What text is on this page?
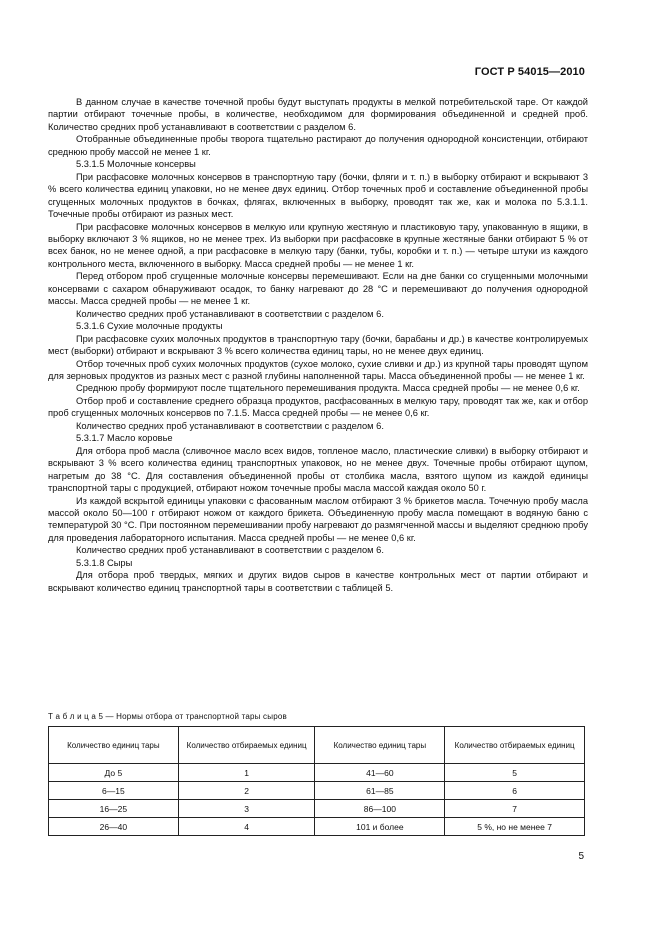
ГОСТ Р 54015—2010

В данном случае в качестве точечной пробы будут выступать продукты в мелкой потребительской таре. От каждой партии отбирают точечные пробы, в количестве, необходимом для формирования объединенной и средней проб. Количество средних проб устанавливают в соответствии с разделом 6.

Отобранные объединенные пробы творога тщательно растирают до получения однородной консистенции, отбирают среднюю пробу массой не менее 1 кг.

5.3.1.5 Молочные консервы

При расфасовке молочных консервов в транспортную тару (бочки, фляги и т. п.) в выборку отбирают и вскрывают 3 % всего количества единиц упаковки, но не менее двух единиц. Отбор точечных проб и составление объединенной пробы сгущенных молочных продуктов в бочках, флягах, включенных в выборку, проводят так же, как и молока по 5.3.1.1. Точечные пробы отбирают из разных мест.

При расфасовке молочных консервов в мелкую или крупную жестяную и пластиковую тару, упакованную в ящики, в выборку включают 3 % ящиков, но не менее трех. Из выборки при расфасовке в крупные жестяные банки отбирают 5 % от всех банок, но не менее одной, а при расфасовке в мелкую тару (банки, тубы, коробки и т. п.) — четыре штуки из каждого контрольного места, включенного в выборку. Масса средней пробы — не менее 1 кг.

Перед отбором проб сгущенные молочные консервы перемешивают. Если на дне банки со сгущенными молочными консервами с сахаром обнаруживают осадок, то банку нагревают до 28 °С и перемешивают до получения однородной массы. Масса средней пробы — не менее 1 кг.

Количество средних проб устанавливают в соответствии с разделом 6.

5.3.1.6 Сухие молочные продукты

При расфасовке сухих молочных продуктов в транспортную тару (бочки, барабаны и др.) в качестве контролируемых мест (выборки) отбирают и вскрывают 3 % всего количества единиц тары, но не менее двух единиц.

Отбор точечных проб сухих молочных продуктов (сухое молоко, сухие сливки и др.) из крупной тары проводят щупом для зерновых продуктов из разных мест с разной глубины наполненной тары. Масса объединенной пробы — не менее 1 кг.

Среднюю пробу формируют после тщательного перемешивания продукта. Масса средней пробы — не менее 0,6 кг.

Отбор проб и составление среднего образца продуктов, расфасованных в мелкую тару, проводят так же, как и отбор проб сгущенных молочных консервов по 7.1.5. Масса средней пробы — не менее 0,6 кг.

Количество средних проб устанавливают в соответствии с разделом 6.

5.3.1.7 Масло коровье

Для отбора проб масла (сливочное масло всех видов, топленое масло, пластические сливки) в выборку отбирают и вскрывают 3 % всего количества единиц транспортных упаковок, но не менее двух. Точечные пробы отбирают щупом, нагретым до 38 °С. Для составления объединенной пробы от столбика масла, взятого щупом из каждой единицы транспортной тары с продукцией, отбирают ножом точечные пробы масла массой каждая около 50 г.

Из каждой вскрытой единицы упаковки с фасованным маслом отбирают 3 % брикетов масла. Точечную пробу масла массой около 50—100 г отбирают ножом от каждого брикета. Объединенную пробу масла помещают в водяную баню с температурой 30 °С. При постоянном перемешивании пробу нагревают до размягченной массы и выделяют среднюю пробу для проведения лабораторного испытания. Масса средней пробы — не менее 0,6 кг.

Количество средних проб устанавливают в соответствии с разделом 6.

5.3.1.8 Сыры

Для отбора проб твердых, мягких и других видов сыров в качестве контрольных мест от партии отбирают и вскрывают количество единиц транспортной тары в соответствии с таблицей 5.

Т а б л и ц а 5 — Нормы отбора от транспортной тары сыров
Количество единиц тары	Количество отбираемых единиц	Количество единиц тары	Количество отбираемых единиц
До 5	1	41—60	5
6—15	2	61—85	6
16—25	3	86—100	7
26—40	4	101 и более	5 %, но не менее 7
5
